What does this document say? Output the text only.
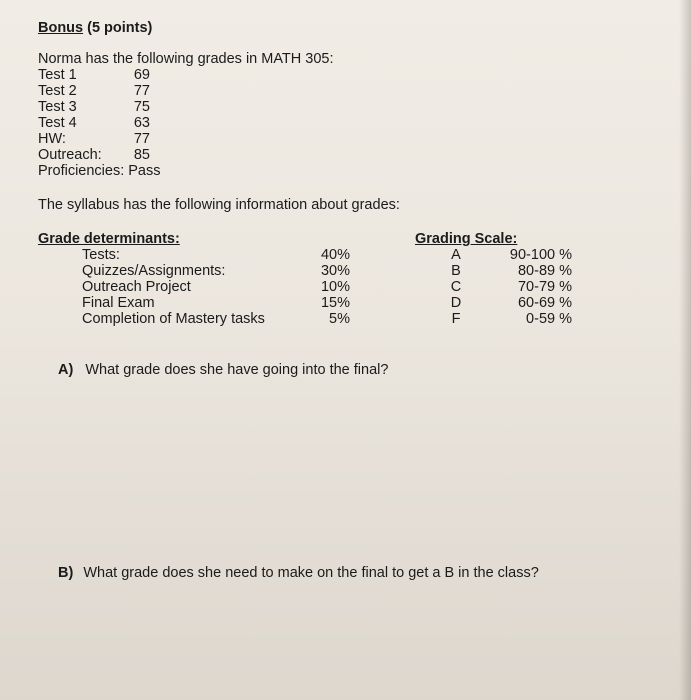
Bonus (5 points)
Norma has the following grades in MATH 305:
Test 1	69
Test 2	77
Test 3	75
Test 4	63
HW:	77
Outreach:	85
Proficiencies: Pass
The syllabus has the following information about grades:
Grade determinants:
Tests:	40%
Quizzes/Assignments:	30%
Outreach Project	10%
Final Exam	15%
Completion of Mastery tasks	5%
Grading Scale:
A	90-100 %
B	80-89 %
C	70-79 %
D	60-69 %
F	0-59 %
A) What grade does she have going into the final?
B) What grade does she need to make on the final to get a B in the class?
